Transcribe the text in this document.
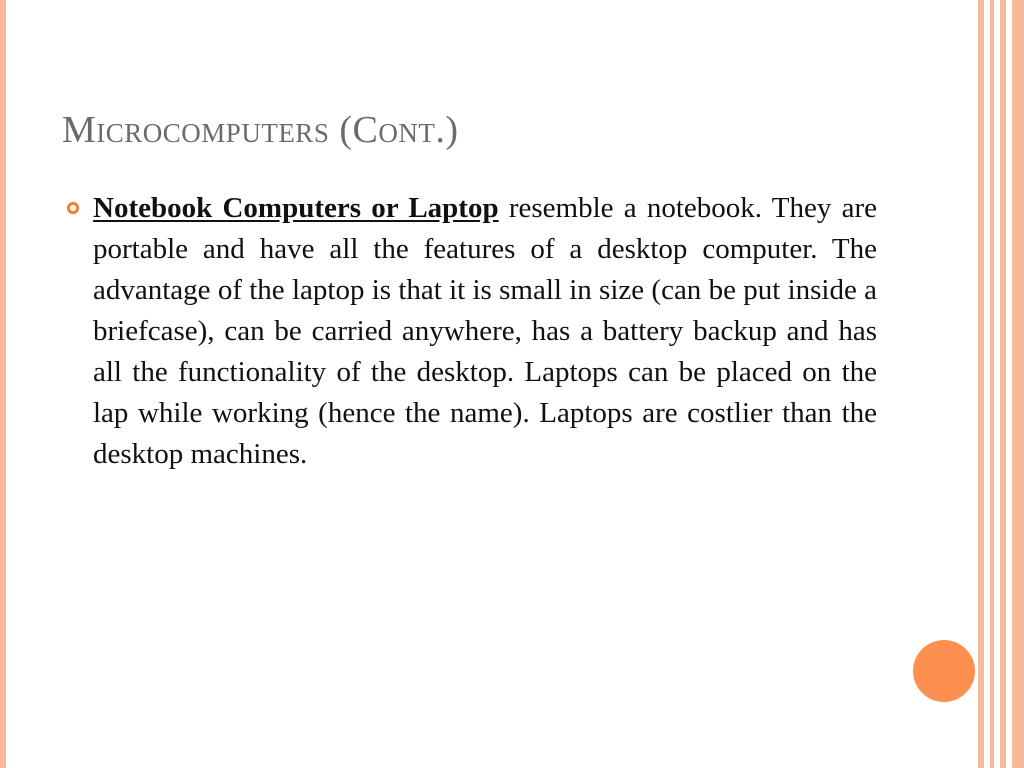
Microcomputers (Cont.)

Notebook Computers or Laptop resemble a notebook. They are portable and have all the features of a desktop computer. The advantage of the laptop is that it is small in size (can be put inside a briefcase), can be carried anywhere, has a battery backup and has all the functionality of the desktop. Laptops can be placed on the lap while working (hence the name). Laptops are costlier than the desktop machines.
